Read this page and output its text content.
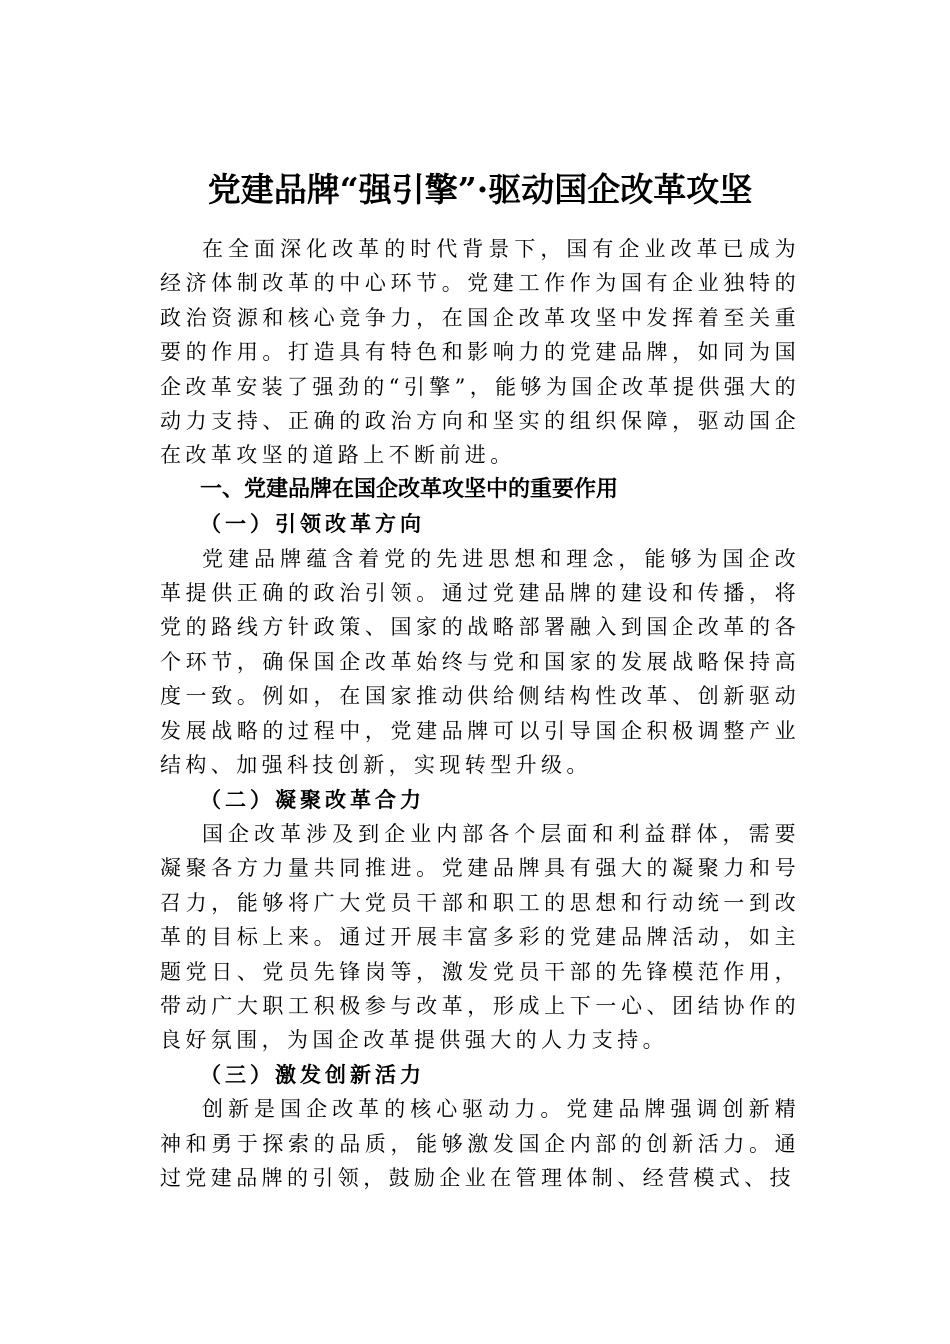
党建品牌“强引擎”·驱动国企改革攻坚

在全面深化改革的时代背景下，国有企业改革已成为经济体制改革的中心环节。党建工作作为国有企业独特的政治资源和核心竞争力，在国企改革攻坚中发挥着至关重要的作用。打造具有特色和影响力的党建品牌，如同为国企改革安装了强劲的“引擎”，能够为国企改革提供强大的动力支持、正确的政治方向和坚实的组织保障，驱动国企在改革攻坚的道路上不断前进。

一、党建品牌在国企改革攻坚中的重要作用
（一）引领改革方向

党建品牌蕴含着党的先进思想和理念，能够为国企改革提供正确的政治引领。通过党建品牌的建设和传播，将党的路线方针政策、国家的战略部署融入到国企改革的各个环节，确保国企改革始终与党和国家的发展战略保持高度一致。例如，在国家推动供给侧结构性改革、创新驱动发展战略的过程中，党建品牌可以引导国企积极调整产业结构、加强科技创新，实现转型升级。

（二）凝聚改革合力

国企改革涉及到企业内部各个层面和利益群体，需要凝聚各方力量共同推进。党建品牌具有强大的凝聚力和号召力，能够将广大党员干部和职工的思想和行动统一到改革的目标上来。通过开展丰富多彩的党建品牌活动，如主题党日、党员先锋岗等，激发党员干部的先锋模范作用，带动广大职工积极参与改革，形成上下一心、团结协作的良好氛围，为国企改革提供强大的人力支持。

（三）激发创新活力

创新是国企改革的核心驱动力。党建品牌强调创新精神和勇于探索的品质，能够激发国企内部的创新活力。通过党建品牌的引领，鼓励企业在管理体制、经营模式、技
